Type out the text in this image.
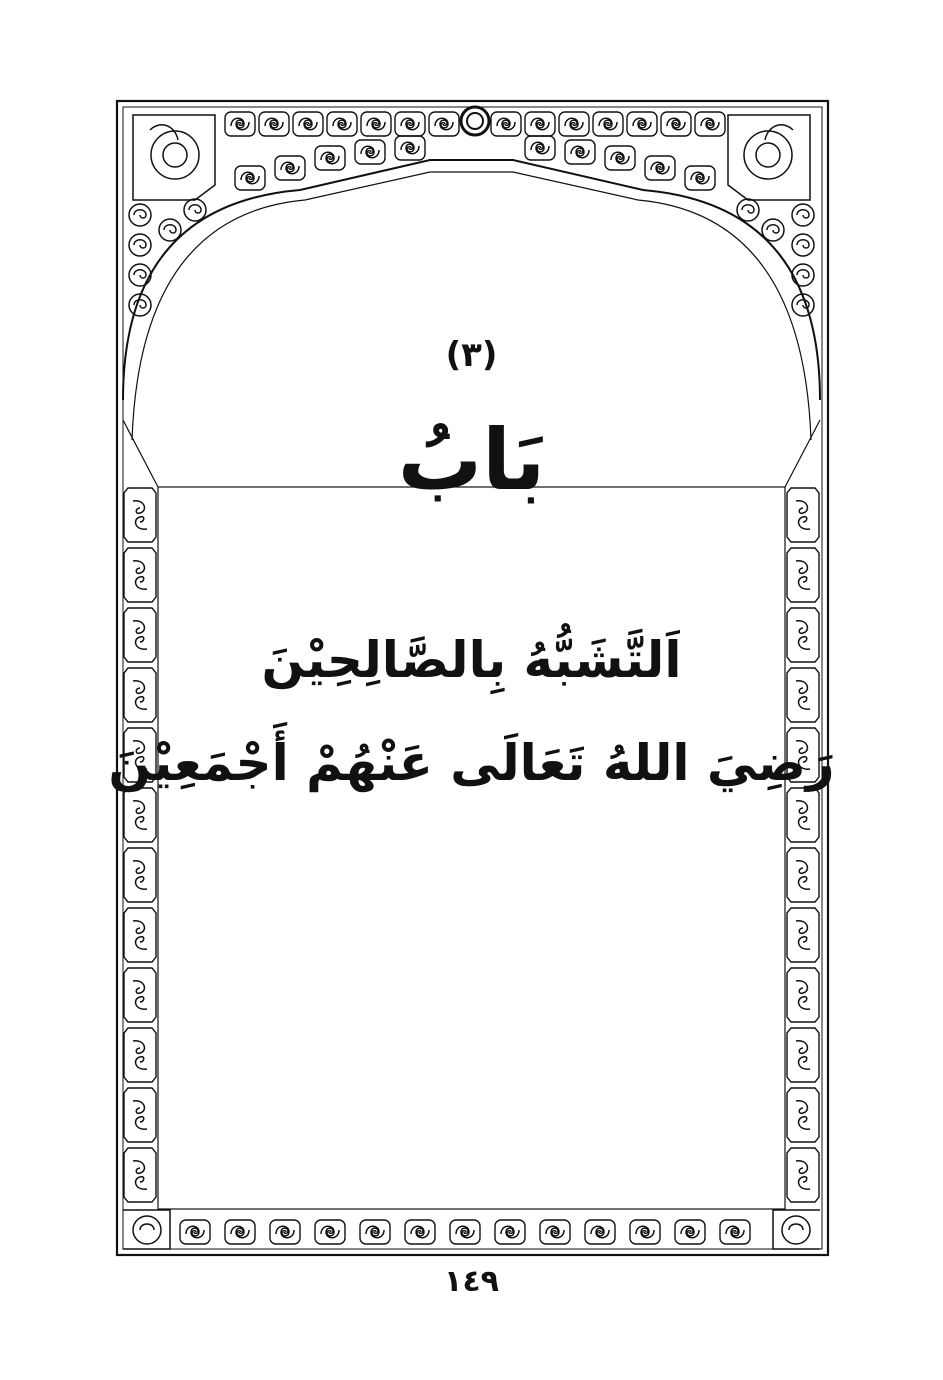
(٣)
بَابُ
اَلتَّشَبُّهُ بِالصَّالِحِيْنَ
رَضِيَ اللهُ تَعَالَى عَنْهُمْ أَجْمَعِيْنَ
١٤٩
